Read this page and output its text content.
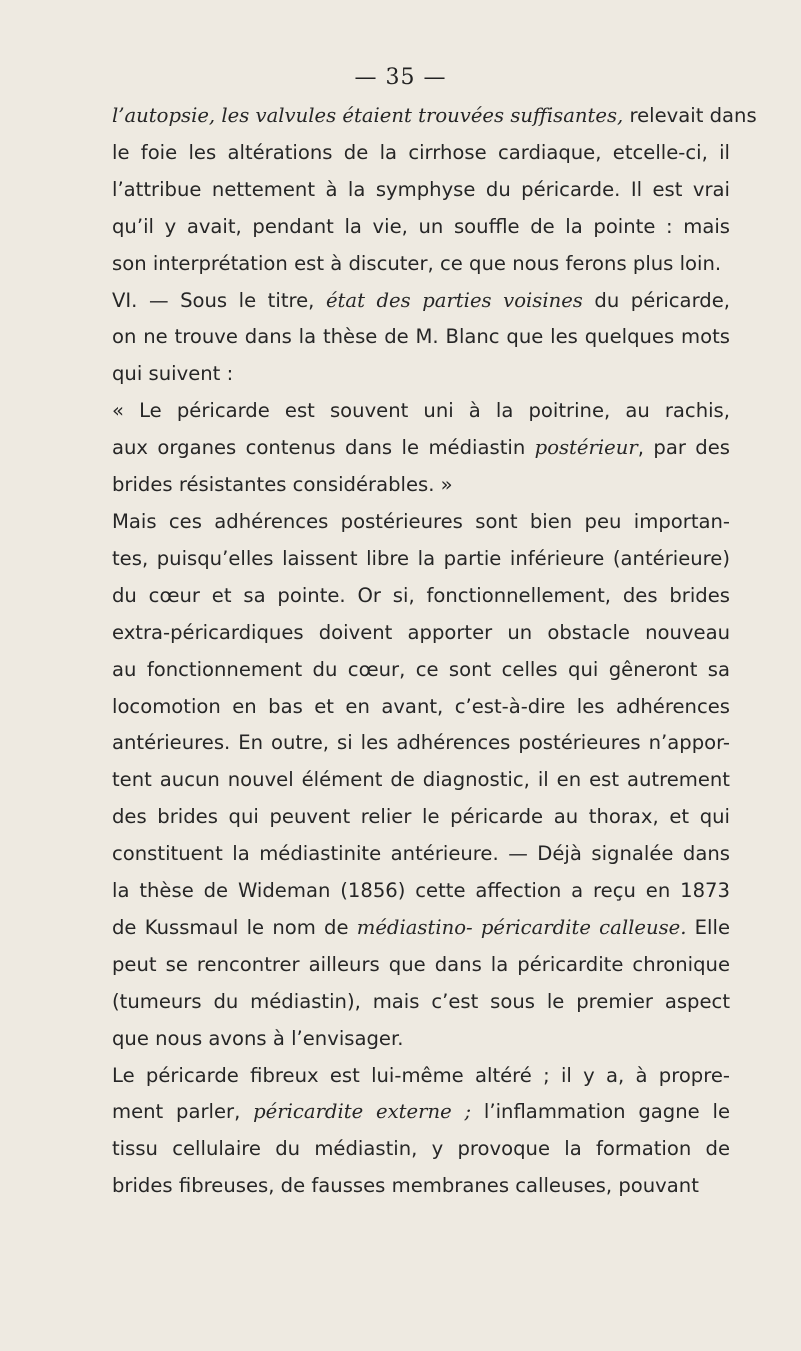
— 35 —
l’autopsie, les valvules étaient trouvées suffisantes, relevait dans
le foie les altérations de la cirrhose cardiaque, etcelle-ci, il
l’attribue nettement à la symphyse du péricarde. Il est vrai
qu’il y avait, pendant la vie, un souffle de la pointe : mais
son interprétation est à discuter, ce que nous ferons plus loin.
VI. — Sous le titre, état des parties voisines du péricarde,
on ne trouve dans la thèse de M. Blanc que les quelques mots
qui suivent :
« Le péricarde est souvent uni à la poitrine, au rachis,
aux organes contenus dans le médiastin postérieur, par des
brides résistantes considérables. »
Mais ces adhérences postérieures sont bien peu importan-
tes, puisqu’elles laissent libre la partie inférieure (antérieure)
du cœur et sa pointe. Or si, fonctionnellement, des brides
extra-péricardiques doivent apporter un obstacle nouveau
au fonctionnement du cœur, ce sont celles qui gêneront sa
locomotion en bas et en avant, c’est-à-dire les adhérences
antérieures. En outre, si les adhérences postérieures n’appor-
tent aucun nouvel élément de diagnostic, il en est autrement
des brides qui peuvent relier le péricarde au thorax, et qui
constituent la médiastinite antérieure. — Déjà signalée dans
la thèse de Wideman (1856) cette affection a reçu en 1873
de Kussmaul le nom de médiastino- péricardite calleuse. Elle
peut se rencontrer ailleurs que dans la péricardite chronique
(tumeurs du médiastin), mais c’est sous le premier aspect
que nous avons à l’envisager.
Le péricarde fibreux est lui-même altéré ; il y a, à propre-
ment parler, péricardite externe ; l’inflammation gagne le
tissu cellulaire du médiastin, y provoque la formation de
brides fibreuses, de fausses membranes calleuses, pouvant
